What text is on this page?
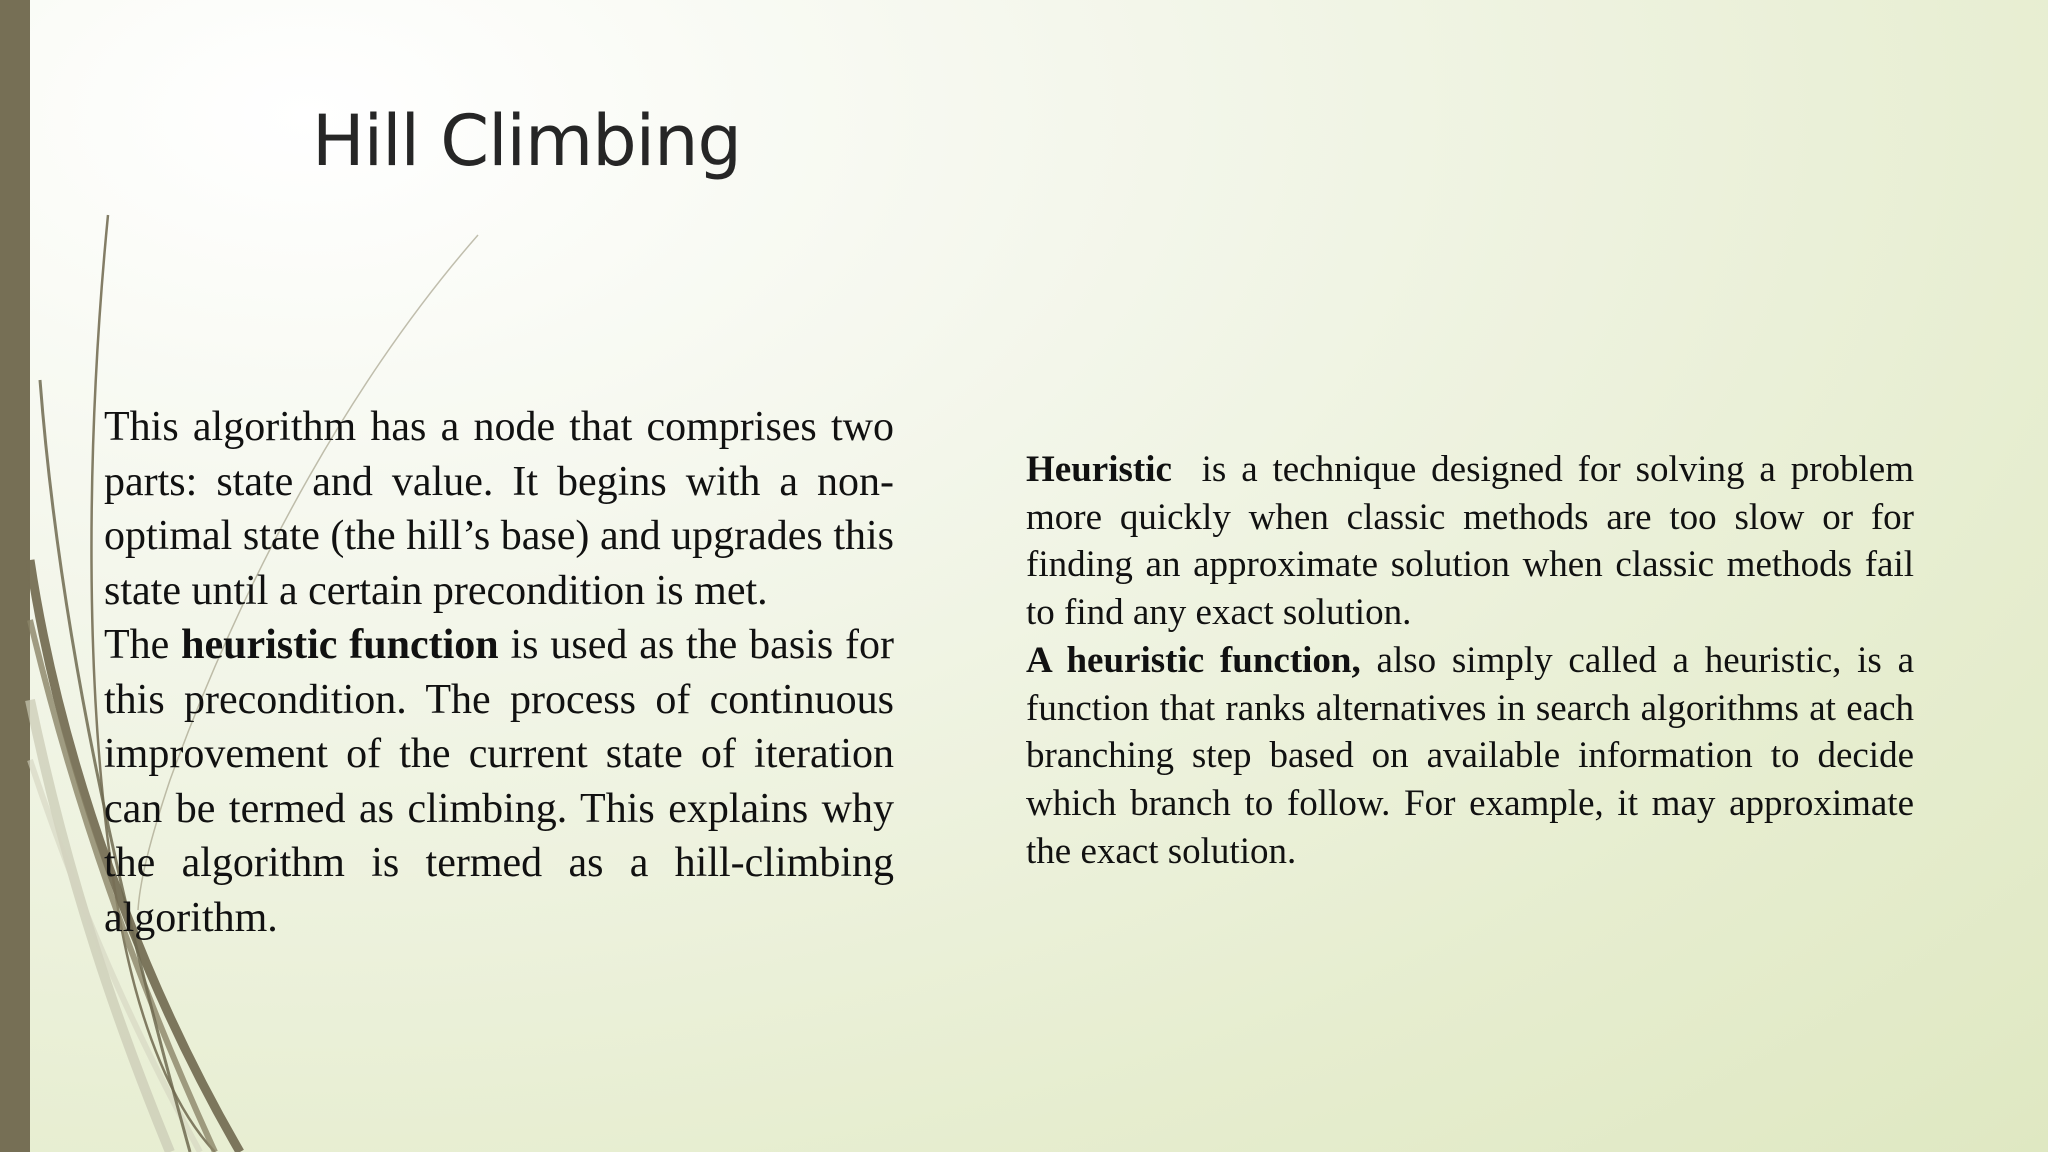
Hill Climbing

This algorithm has a node that comprises two parts: state and value. It begins with a non-optimal state (the hill’s base) and upgrades this state until a certain precondition is met.

The heuristic function is used as the basis for this precondition. The process of continuous improvement of the current state of iteration can be termed as climbing. This explains why the algorithm is termed as a hill-climbing algorithm.

Heuristic  is a technique designed for solving a problem more quickly when classic methods are too slow or for finding an approximate solution when classic methods fail to find any exact solution.

A heuristic function, also simply called a heuristic, is a function that ranks alternatives in search algorithms at each branching step based on available information to decide which branch to follow. For example, it may approximate the exact solution.
